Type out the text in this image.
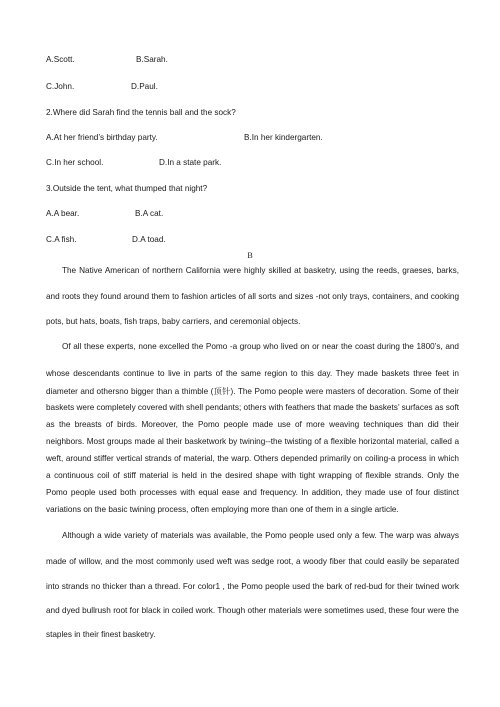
A.Scott.	B.Sarah.
C.John.	D.Paul.
2.Where did Sarah find the tennis ball and the sock?
A.At her friend’s birthday party.	B.In her kindergarten.
C.In her school.	D.In a state park.
3.Outside the tent, what thumped that night?
A.A bear.	B.A cat.
C.A fish.	D.A toad.
B
The Native American of northern California were highly skilled at basketry, using the reeds, graeses, barks,
and roots they found around them to fashion articles of all sorts and sizes -not only trays, containers, and cooking
pots, but hats, boats, fish traps, baby carriers, and ceremonial objects.
Of all these experts, none excelled the Pomo -a group who lived on or near the coast during the 1800’s, and
whose descendants continue to live in parts of the same region to this day. They made baskets three feet in
diameter and othersno bigger than a thimble (顶针). The Pomo people were masters of decoration. Some of their
baskets were completely covered with shell pendants; others with feathers that made the baskets’ surfaces as soft
as the breasts of birds. Moreover, the Pomo people made use of more weaving techniques than did their
neighbors. Most groups made al their basketwork by twining--the twisting of a flexible horizontal material, called a
weft, around stiffer vertical strands of material, the warp. Others depended primarily on coiling-a process in which
a continuous coil of stiff material is held in the desired shape with tight wrapping of flexible strands. Only the
Pomo people used both processes with equal ease and frequency. In addition, they made use of four distinct
variations on the basic twining process, often employing more than one of them in a single article.
Although a wide variety of materials was available, the Pomo people used only a few. The warp was always
made of willow, and the most commonly used weft was sedge root, a woody fiber that could easily be separated
into strands no thicker than a thread. For color1 , the Pomo people used the bark of red-bud for their twined work
and dyed bullrush root for black in coiled work. Though other materials were sometimes used, these four were the
staples in their finest basketry.
